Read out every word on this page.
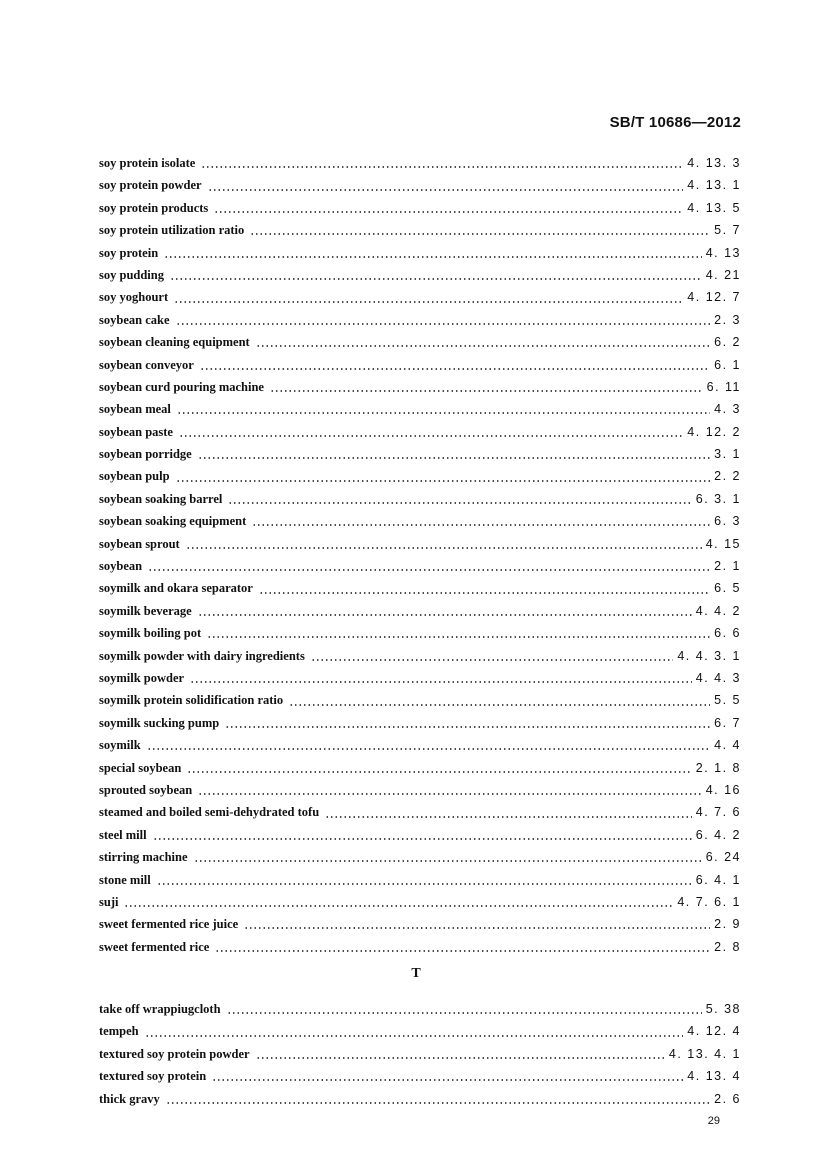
SB/T 10686—2012
soy protein isolate	4. 13. 3
soy protein powder	4. 13. 1
soy protein products	4. 13. 5
soy protein utilization ratio	5. 7
soy protein	4. 13
soy pudding	4. 21
soy yoghourt	4. 12. 7
soybean cake	2. 3
soybean cleaning equipment	6. 2
soybean conveyor	6. 1
soybean curd pouring machine	6. 11
soybean meal	4. 3
soybean paste	4. 12. 2
soybean porridge	3. 1
soybean pulp	2. 2
soybean soaking barrel	6. 3. 1
soybean soaking equipment	6. 3
soybean sprout	4. 15
soybean	2. 1
soymilk and okara separator	6. 5
soymilk beverage	4. 4. 2
soymilk boiling pot	6. 6
soymilk powder with dairy ingredients	4. 4. 3. 1
soymilk powder	4. 4. 3
soymilk protein solidification ratio	5. 5
soymilk sucking pump	6. 7
soymilk	4. 4
special soybean	2. 1. 8
sprouted soybean	4. 16
steamed and boiled semi-dehydrated tofu	4. 7. 6
steel mill	6. 4. 2
stirring machine	6. 24
stone mill	6. 4. 1
suji	4. 7. 6. 1
sweet fermented rice juice	2. 9
sweet fermented rice	2. 8
T
take off wrappiugcloth	5. 38
tempeh	4. 12. 4
textured soy protein powder	4. 13. 4. 1
textured soy protein	4. 13. 4
thick gravy	2. 6
29
